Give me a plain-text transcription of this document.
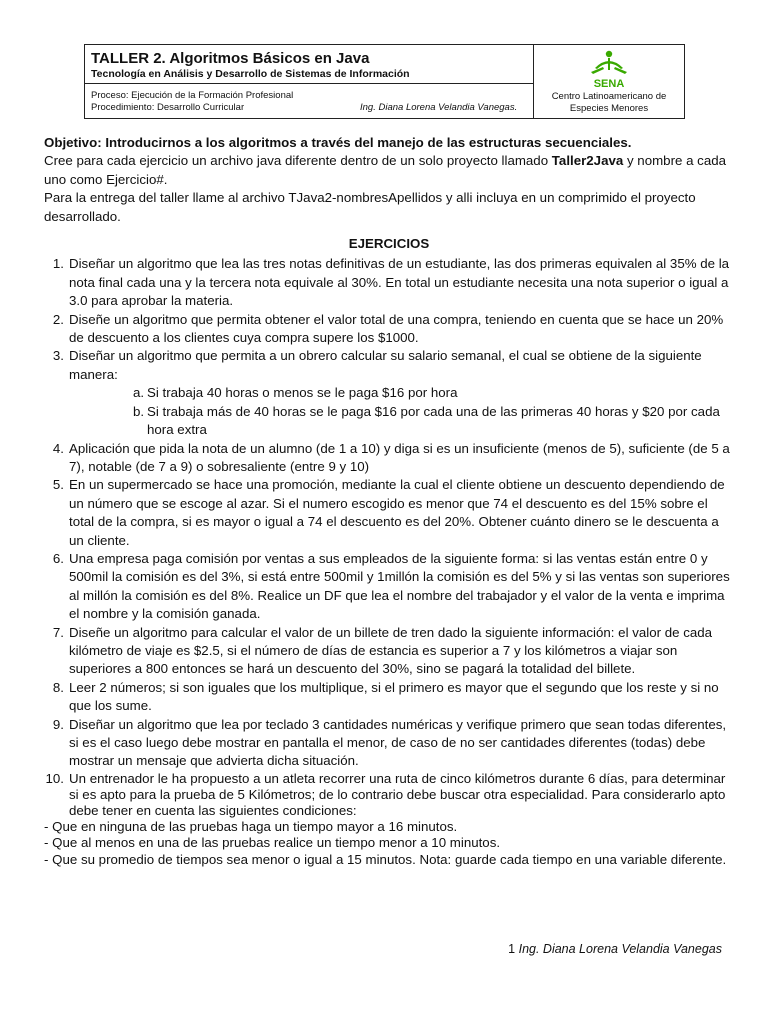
TALLER 2. Algoritmos Básicos en Java
Tecnología en Análisis y Desarrollo de Sistemas de Información
Proceso: Ejecución de la Formación Profesional
Procedimiento: Desarrollo Curricular	Ing. Diana Lorena Velandia Vanegas.
SENA
Centro Latinoamericano de
Especies Menores

Objetivo: Introducirnos a los algoritmos a través del manejo de las estructuras secuenciales.

Cree para cada ejercicio un archivo java diferente dentro de un solo proyecto llamado Taller2Java y nombre a cada uno como Ejercicio#.

Para la entrega del taller llame al archivo TJava2-nombresApellidos y alli incluya en un comprimido el proyecto desarrollado.

EJERCICIOS

1. Diseñar un algoritmo que lea las tres notas definitivas de un estudiante, las dos primeras equivalen al 35% de la nota final cada una y la tercera nota equivale al 30%. En total un estudiante necesita una nota superior o igual a 3.0 para aprobar la materia.
2. Diseñe un algoritmo que permita obtener el valor total de una compra, teniendo en cuenta que se hace un 20% de descuento a los clientes cuya compra supere los $1000.
3. Diseñar un algoritmo que permita a un obrero calcular su salario semanal, el cual se obtiene de la siguiente manera:
a. Si trabaja 40 horas o menos se le paga $16 por hora
b. Si trabaja más de 40 horas se le paga $16 por cada una de las primeras 40 horas y $20 por cada hora extra
4. Aplicación que pida la nota de un alumno (de 1 a 10) y diga si es un insuficiente (menos de 5), suficiente (de 5 a 7), notable (de 7 a 9) o sobresaliente (entre 9 y 10)
5. En un supermercado se hace una promoción, mediante la cual el cliente obtiene un descuento dependiendo de un número que se escoge al azar. Si el numero escogido es menor que 74 el descuento es del 15% sobre el total de la compra, si es mayor o igual a 74 el descuento es del 20%. Obtener cuánto dinero se le descuenta a un cliente.
6. Una empresa paga comisión por ventas a sus empleados de la siguiente forma: si las ventas están entre 0 y 500mil la comisión es del 3%, si está entre 500mil y 1millón la comisión es del 5% y si las ventas son superiores al millón la comisión es del 8%. Realice un DF que lea el nombre del trabajador y el valor de la venta e imprima el nombre y la comisión ganada.
7. Diseñe un algoritmo para calcular el valor de un billete de tren dado la siguiente información: el valor de cada kilómetro de viaje es $2.5, si el número de días de estancia es superior a 7 y los kilómetros a viajar son superiores a 800 entonces se hará un descuento del 30%, sino se pagará la totalidad del billete.
8. Leer 2 números; si son iguales que los multiplique, si el primero es mayor que el segundo que los reste y si no que los sume.
9. Diseñar un algoritmo que lea por teclado 3 cantidades numéricas y verifique primero que sean todas diferentes, si es el caso luego debe mostrar en pantalla el menor, de caso de no ser cantidades diferentes (todas) debe mostrar un mensaje que advierta dicha situación.
10. Un entrenador le ha propuesto a un atleta recorrer una ruta de cinco kilómetros durante 6 días, para determinar si es apto para la prueba de 5 Kilómetros; de lo contrario debe buscar otra especialidad. Para considerarlo apto debe tener en cuenta las siguientes condiciones:

- Que en ninguna de las pruebas haga un tiempo mayor a 16 minutos.

- Que al menos en una de las pruebas realice un tiempo menor a 10 minutos.

- Que su promedio de tiempos sea menor o igual a 15 minutos. Nota: guarde cada tiempo en una variable diferente.

1 Ing. Diana Lorena Velandia Vanegas
